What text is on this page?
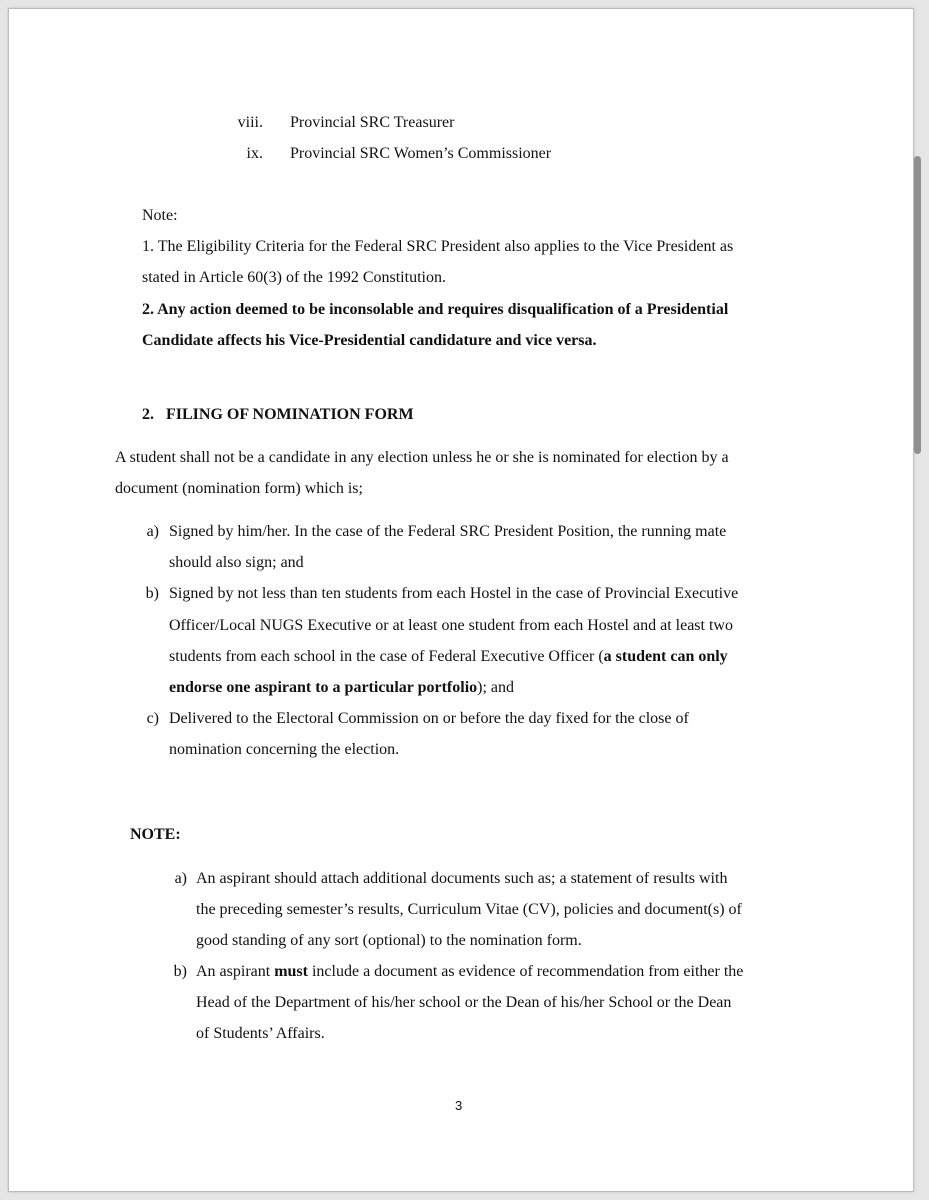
viii. Provincial SRC Treasurer
ix. Provincial SRC Women’s Commissioner
Note:
1. The Eligibility Criteria for the Federal SRC President also applies to the Vice President as
stated in Article 60(3) of the 1992 Constitution.
2. Any action deemed to be inconsolable and requires disqualification of a Presidential
Candidate affects his Vice-Presidential candidature and vice versa.
2.   FILING OF NOMINATION FORM
A student shall not be a candidate in any election unless he or she is nominated for election by a
document (nomination form) which is;
a) Signed by him/her. In the case of the Federal SRC President Position, the running mate
should also sign; and
b) Signed by not less than ten students from each Hostel in the case of Provincial Executive
Officer/Local NUGS Executive or at least one student from each Hostel and at least two
students from each school in the case of Federal Executive Officer (a student can only
endorse one aspirant to a particular portfolio); and
c) Delivered to the Electoral Commission on or before the day fixed for the close of
nomination concerning the election.
NOTE:
a) An aspirant should attach additional documents such as; a statement of results with
the preceding semester’s results, Curriculum Vitae (CV), policies and document(s) of
good standing of any sort (optional) to the nomination form.
b) An aspirant must include a document as evidence of recommendation from either the
Head of the Department of his/her school or the Dean of his/her School or the Dean
of Students’ Affairs.
3
